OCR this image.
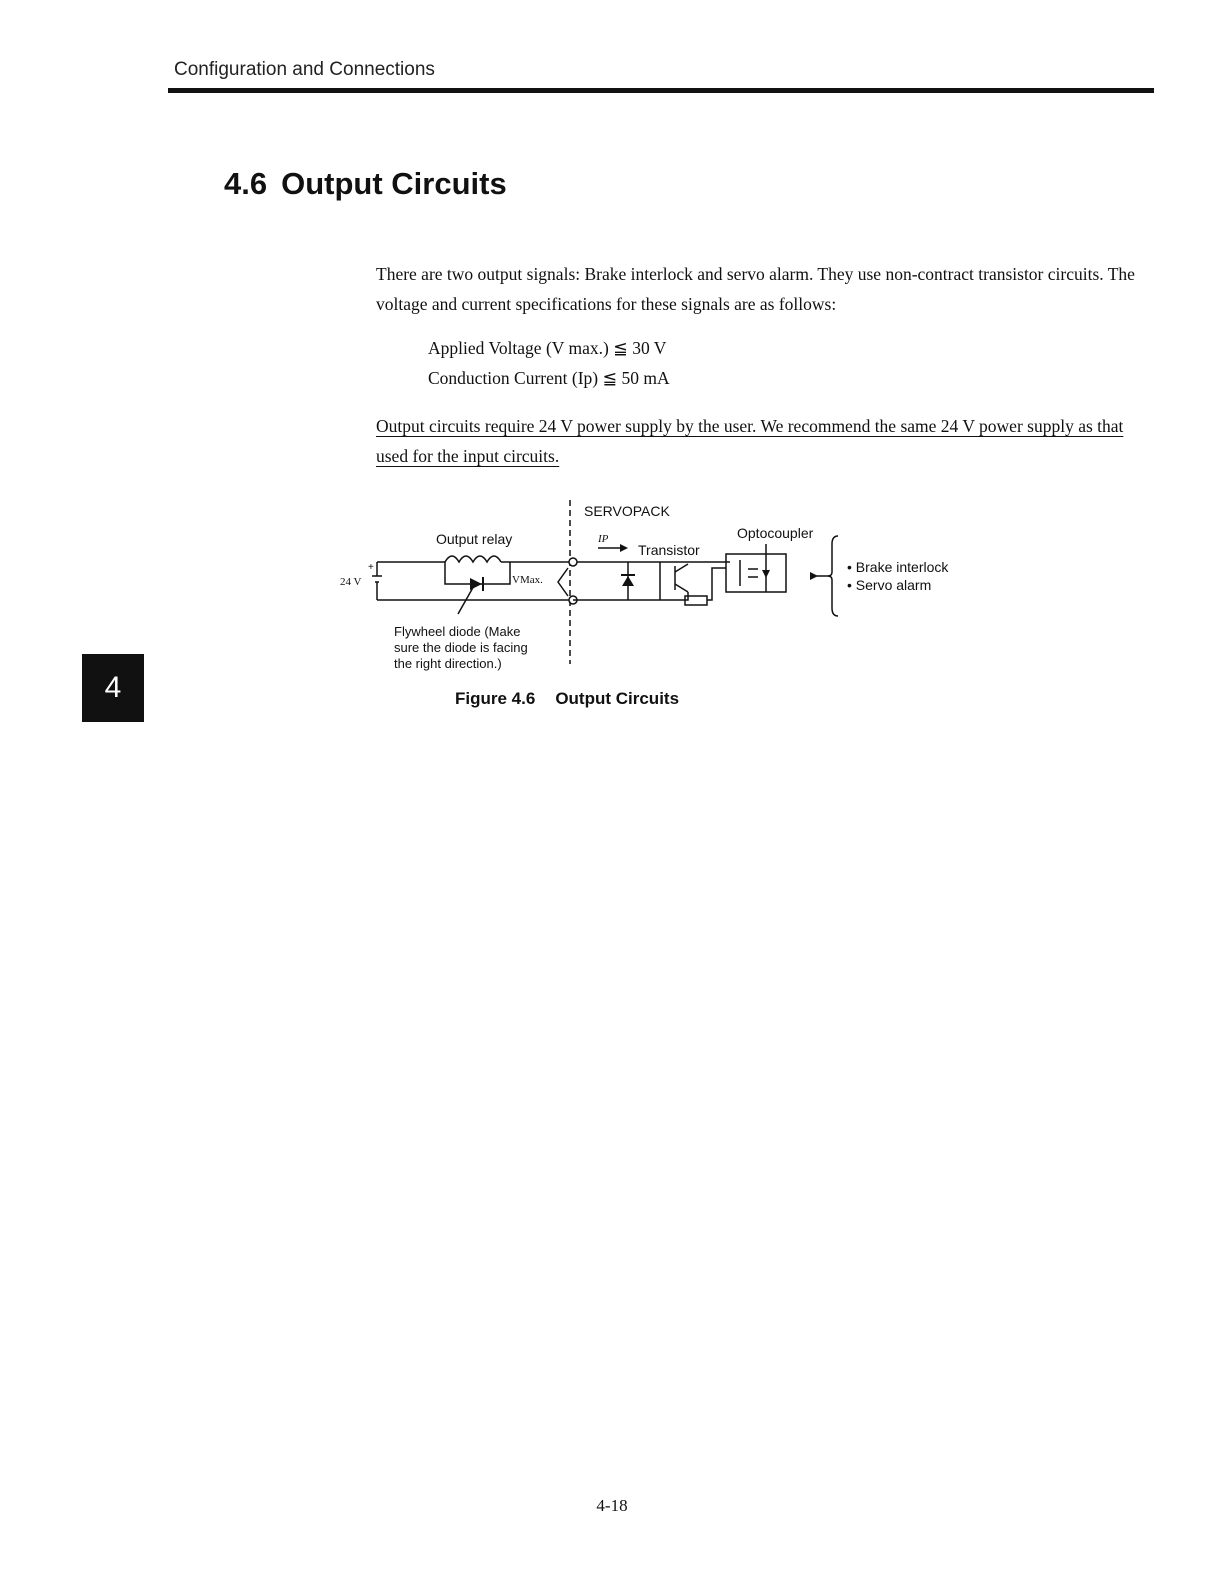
Configuration and Connections
4.6 Output Circuits
There are two output signals: Brake interlock and servo alarm. They use non-contract transistor circuits. The voltage and current specifications for these signals are as follows:
Applied Voltage (V max.) ≦ 30 V
Conduction Current (Ip) ≦ 50 mA
Output circuits require 24 V power supply by the user. We recommend the same 24 V power supply as that used for the input circuits.
SERVOPACK
Output relay
24 V
+
VMax.
IP
Transistor
Optocoupler
• Brake interlock
• Servo alarm
Flywheel diode (Make
sure the diode is facing
the right direction.)
Figure 4.6 Output Circuits
4
4-18
